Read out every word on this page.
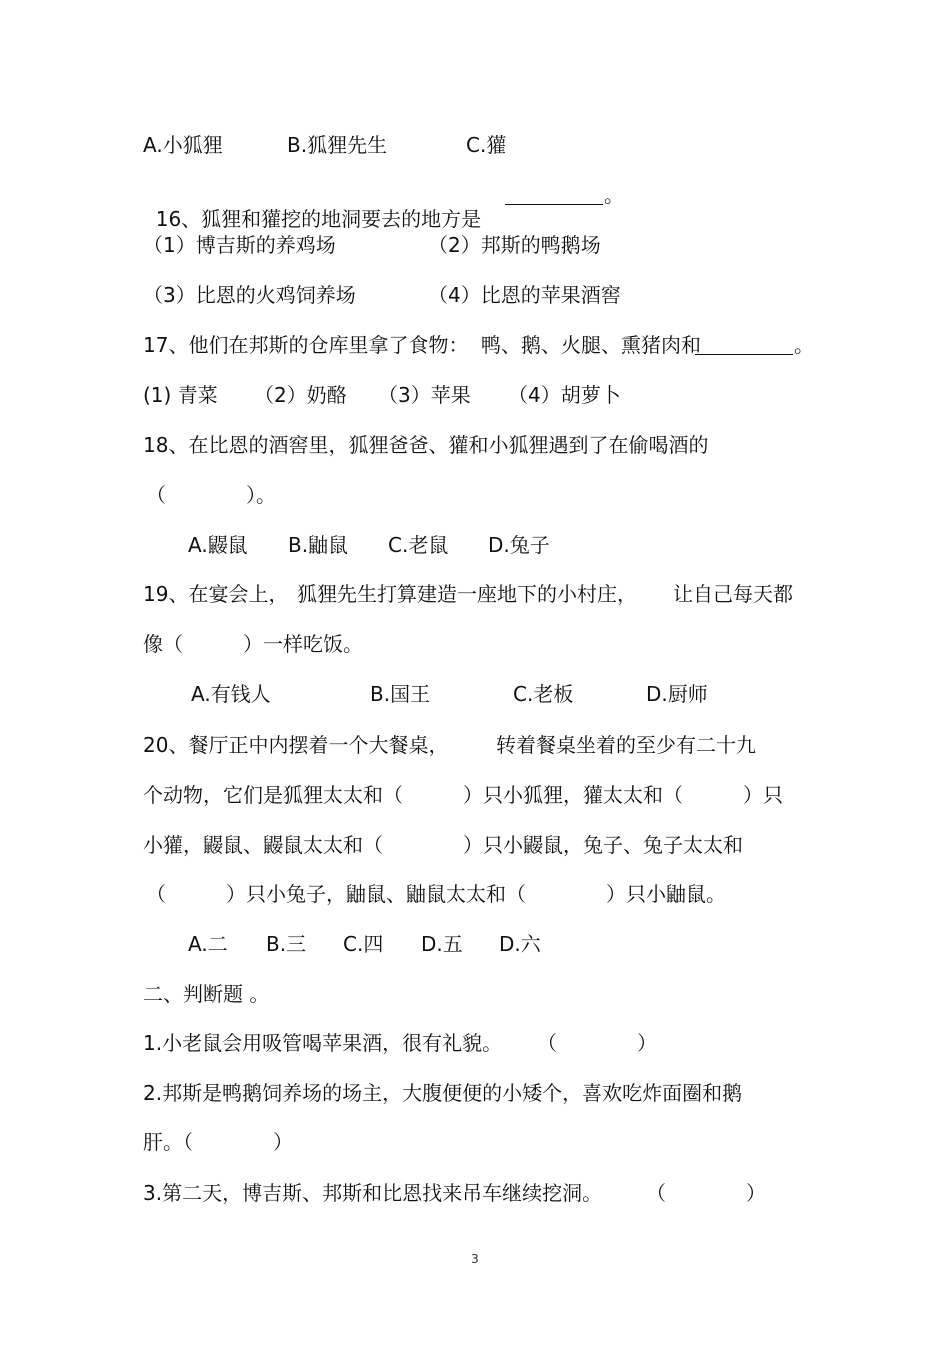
A.小狐狸	B.狐狸先生	C.獾

16、狐狸和獾挖的地洞要去的地方是

。
（1）博吉斯的养鸡场	（2）邦斯的鸭鹅场
（3）比恩的火鸡饲养场	（4）比恩的苹果酒窖
17、他们在邦斯的仓库里拿了食物： 鸭、鹅、火腿、熏猪肉和	。
(1) 青菜 （2）奶酪 （3）苹果 （4）胡萝卜
18、在比恩的酒窖里，狐狸爸爸、獾和小狐狸遇到了在偷喝酒的
（　　　　）。
A.鼹鼠 B.鼬鼠 C.老鼠 D.兔子
19、在宴会上， 狐狸先生打算建造一座地下的小村庄， 让自己每天都
像（　　　）一样吃饭。
A.有钱人	B.国王	C.老板	D.厨师
20、餐厅正中内摆着一个大餐桌， 转着餐桌坐着的至少有二十九
个动物，它们是狐狸太太和（　　　）只小狐狸，獾太太和（　　　）只
小獾，鼹鼠、鼹鼠太太和（　　　　）只小鼹鼠，兔子、兔子太太和
（　　　）只小兔子，鼬鼠、鼬鼠太太和（　　　　）只小鼬鼠。
A.二 B.三 C.四 D.五 D.六
二、判断题 。
1.小老鼠会用吸管喝苹果酒，很有礼貌。 （　　　　）
2.邦斯是鸭鹅饲养场的场主，大腹便便的小矮个，喜欢吃炸面圈和鹅
肝。（　　　　）
3.第二天，博吉斯、邦斯和比恩找来吊车继续挖洞。 （　　　　）
3
